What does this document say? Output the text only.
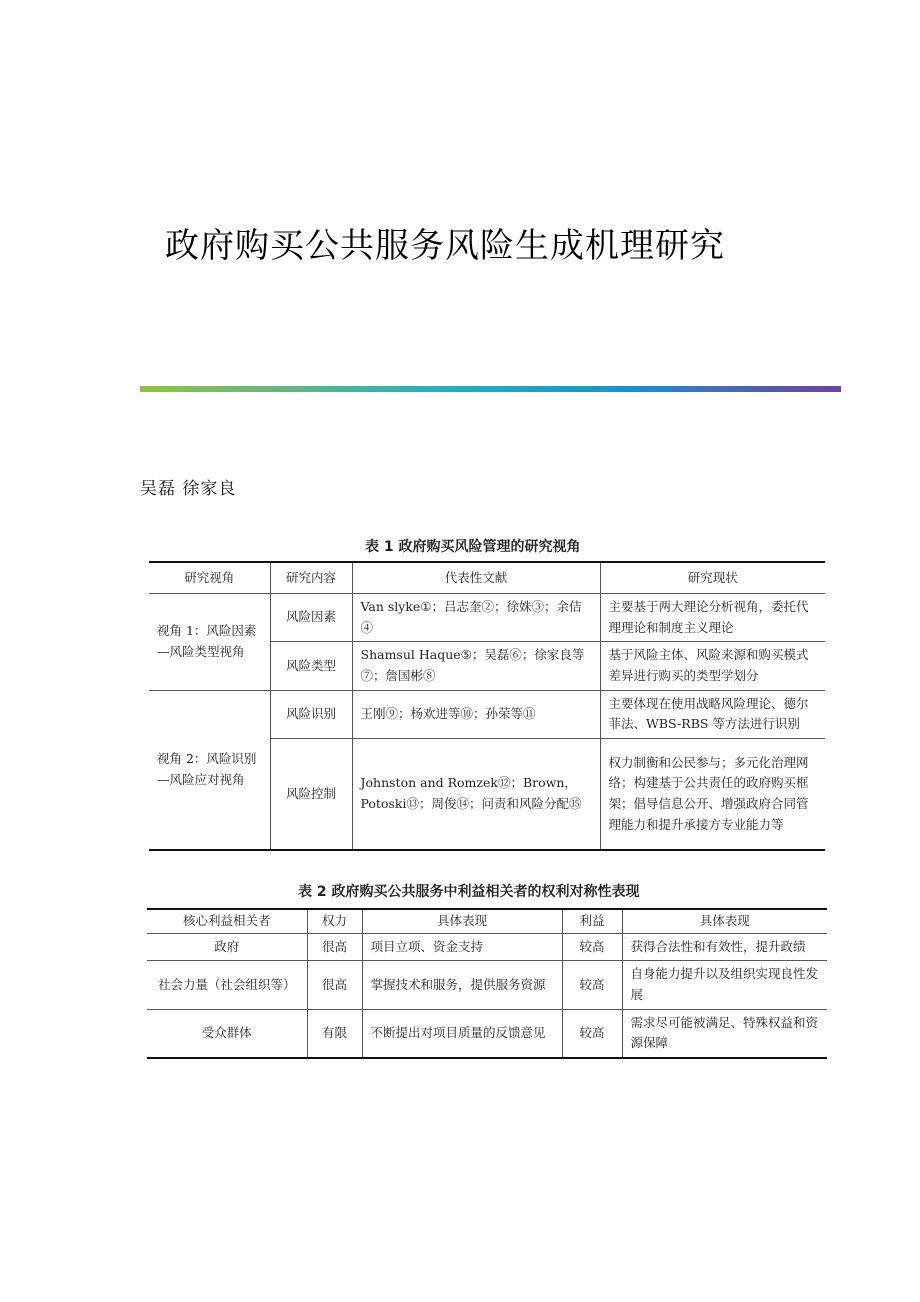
政府购买公共服务风险生成机理研究
吴磊 徐家良
表 1 政府购买风险管理的研究视角
研究视角	研究内容	代表性文献	研究现状
视角 1：风险因素—风险类型视角	风险因素	Van slyke①；吕志奎②；徐姝③；余佶④	主要基于两大理论分析视角，委托代理理论和制度主义理论
	风险类型	Shamsul Haque⑤；吴磊⑥；徐家良等⑦；詹国彬⑧	基于风险主体、风险来源和购买模式差异进行购买的类型学划分
视角 2：风险识别—风险应对视角	风险识别	王刚⑨；杨欢进等⑩；孙荣等⑪	主要体现在使用战略风险理论、德尔菲法、WBS-RBS 等方法进行识别
	风险控制	Johnston and Romzek⑫；Brown，Potoski⑬；周俊⑭；问责和风险分配⑮	权力制衡和公民参与；多元化治理网络；构建基于公共责任的政府购买框架；倡导信息公开、增强政府合同管理能力和提升承接方专业能力等
表 2 政府购买公共服务中利益相关者的权利对称性表现
核心利益相关者	权力	具体表现	利益	具体表现
政府	很高	项目立项、资金支持	较高	获得合法性和有效性，提升政绩
社会力量（社会组织等）	很高	掌握技术和服务，提供服务资源	较高	自身能力提升以及组织实现良性发展
受众群体	有限	不断提出对项目质量的反馈意见	较高	需求尽可能被满足、特殊权益和资源保障
